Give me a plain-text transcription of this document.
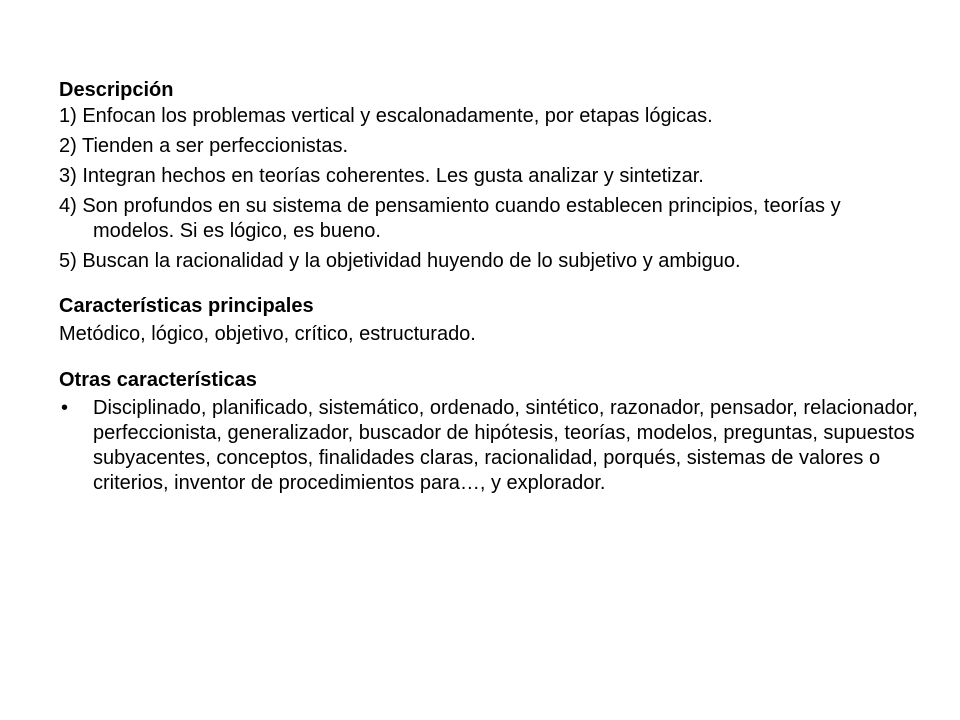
Descripción

1) Enfocan los problemas vertical y escalonadamente, por etapas lógicas.

2) Tienden a ser perfeccionistas.

3) Integran hechos en teorías coherentes. Les gusta analizar y sintetizar.

4) Son profundos en su sistema de pensamiento cuando establecen principios, teorías y modelos. Si es lógico, es bueno.

5) Buscan la racionalidad y la objetividad huyendo de lo subjetivo y ambiguo.

Características principales

Metódico, lógico, objetivo, crítico, estructurado.

Otras características

• Disciplinado, planificado, sistemático, ordenado, sintético, razonador, pensador, relacionador, perfeccionista, generalizador, buscador de hipótesis, teorías, modelos, preguntas, supuestos subyacentes, conceptos, finalidades claras, racionalidad, porqués, sistemas de valores o criterios, inventor de procedimientos para…, y explorador.
